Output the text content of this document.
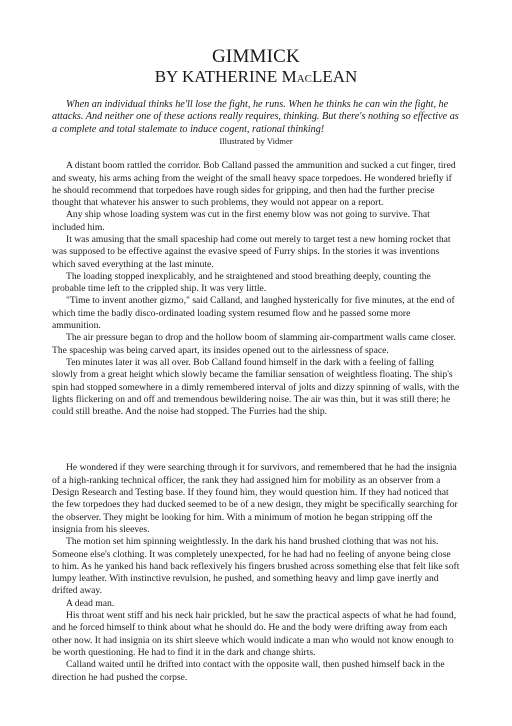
GIMMICK
BY KATHERINE MACLEAN

When an individual thinks he'll lose the fight, he runs. When he thinks he can win the fight, he attacks. And neither one of these actions really requires, thinking. But there's nothing so effective as a complete and total stalemate to induce cogent, rational thinking!

Illustrated by Vidmer

A distant boom rattled the corridor. Bob Calland passed the ammunition and sucked a cut finger, tired and sweaty, his arms aching from the weight of the small heavy space torpedoes. He wondered briefly if he should recommend that torpedoes have rough sides for gripping, and then had the further precise thought that whatever his answer to such problems, they would not appear on a report.

Any ship whose loading system was cut in the first enemy blow was not going to survive. That included him.

It was amusing that the small spaceship had come out merely to target test a new homing rocket that was supposed to be effective against the evasive speed of Furry ships. In the stories it was inventions which saved everything at the last minute.

The loading stopped inexplicably, and he straightened and stood breathing deeply, counting the probable time left to the crippled ship. It was very little.

"Time to invent another gizmo," said Calland, and laughed hysterically for five minutes, at the end of which time the badly disco-ordinated loading system resumed flow and he passed some more ammunition.

The air pressure began to drop and the hollow boom of slamming air-compartment walls came closer. The spaceship was being carved apart, its insides opened out to the airlessness of space.

Ten minutes later it was all over. Bob Calland found himself in the dark with a feeling of falling slowly from a great height which slowly became the familiar sensation of weightless floating. The ship's spin had stopped somewhere in a dimly remembered interval of jolts and dizzy spinning of walls, with the lights flickering on and off and tremendous bewildering noise. The air was thin, but it was still there; he could still breathe. And the noise had stopped. The Furries had the ship.

He wondered if they were searching through it for survivors, and remembered that he had the insignia of a high-ranking technical officer, the rank they had assigned him for mobility as an observer from a Design Research and Testing base. If they found him, they would question him. If they had noticed that the few torpedoes they had ducked seemed to be of a new design, they might be specifically searching for the observer. They might be looking for him. With a minimum of motion he began stripping off the insignia from his sleeves.

The motion set him spinning weightlessly. In the dark his hand brushed clothing that was not his. Someone else's clothing. It was completely unexpected, for he had had no feeling of anyone being close to him. As he yanked his hand back reflexively his fingers brushed across something else that felt like soft lumpy leather. With instinctive revulsion, he pushed, and something heavy and limp gave inertly and drifted away.

A dead man.

His throat went stiff and his neck hair prickled, but he saw the practical aspects of what he had found, and he forced himself to think about what he should do. He and the body were drifting away from each other now. It had insignia on its shirt sleeve which would indicate a man who would not know enough to be worth questioning. He had to find it in the dark and change shirts.

Calland waited until he drifted into contact with the opposite wall, then pushed himself back in the direction he had pushed the corpse.
